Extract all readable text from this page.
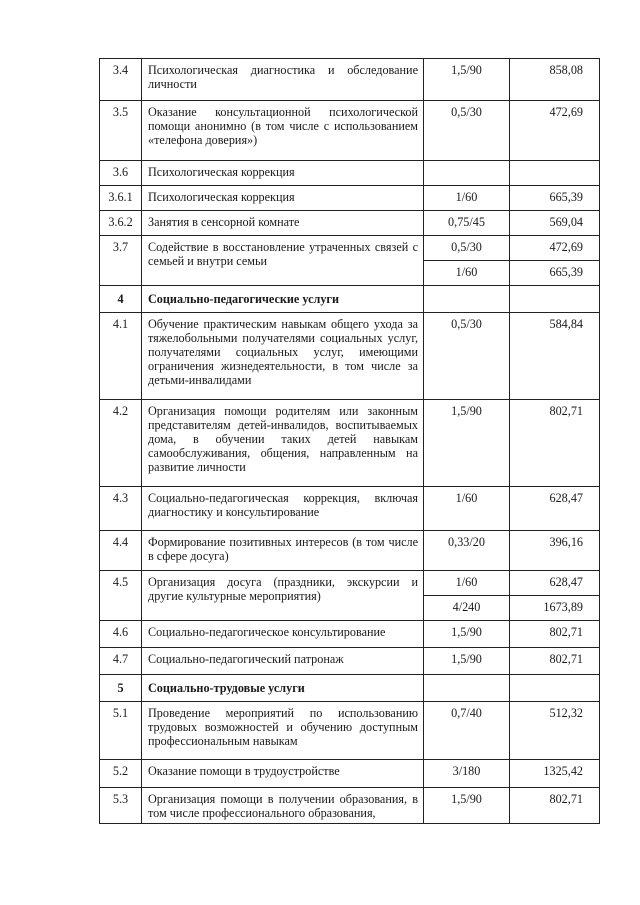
3.4	Психологическая диагностика и обследование личности	1,5/90	858,08
3.5	Оказание консультационной психологической помощи анонимно (в том числе с использованием «телефона доверия»)	0,5/30	472,69
3.6	Психологическая коррекция		
3.6.1	Психологическая коррекция	1/60	665,39
3.6.2	Занятия в сенсорной комнате	0,75/45	569,04
3.7	Содействие в восстановление утраченных связей с семьей и внутри семьи	0,5/30	472,69
		1/60	665,39
4	Социально-педагогические услуги		
4.1	Обучение практическим навыкам общего ухода за тяжелобольными получателями социальных услуг, получателями социальных услуг, имеющими ограничения жизнедеятельности, в том числе за детьми-инвалидами	0,5/30	584,84
4.2	Организация помощи родителям или законным представителям детей-инвалидов, воспитываемых дома, в обучении таких детей навыкам самообслуживания, общения, направленным на развитие личности	1,5/90	802,71
4.3	Социально-педагогическая коррекция, включая диагностику и консультирование	1/60	628,47
4.4	Формирование позитивных интересов (в том числе в сфере досуга)	0,33/20	396,16
4.5	Организация досуга (праздники, экскурсии и другие культурные мероприятия)	1/60	628,47
		4/240	1673,89
4.6	Социально-педагогическое консультирование	1,5/90	802,71
4.7	Социально-педагогический патронаж	1,5/90	802,71
5	Социально-трудовые услуги		
5.1	Проведение мероприятий по использованию трудовых возможностей и обучению доступным профессиональным навыкам	0,7/40	512,32
5.2	Оказание помощи в трудоустройстве	3/180	1325,42
5.3	Организация помощи в получении образования, в том числе профессионального образования,	1,5/90	802,71
